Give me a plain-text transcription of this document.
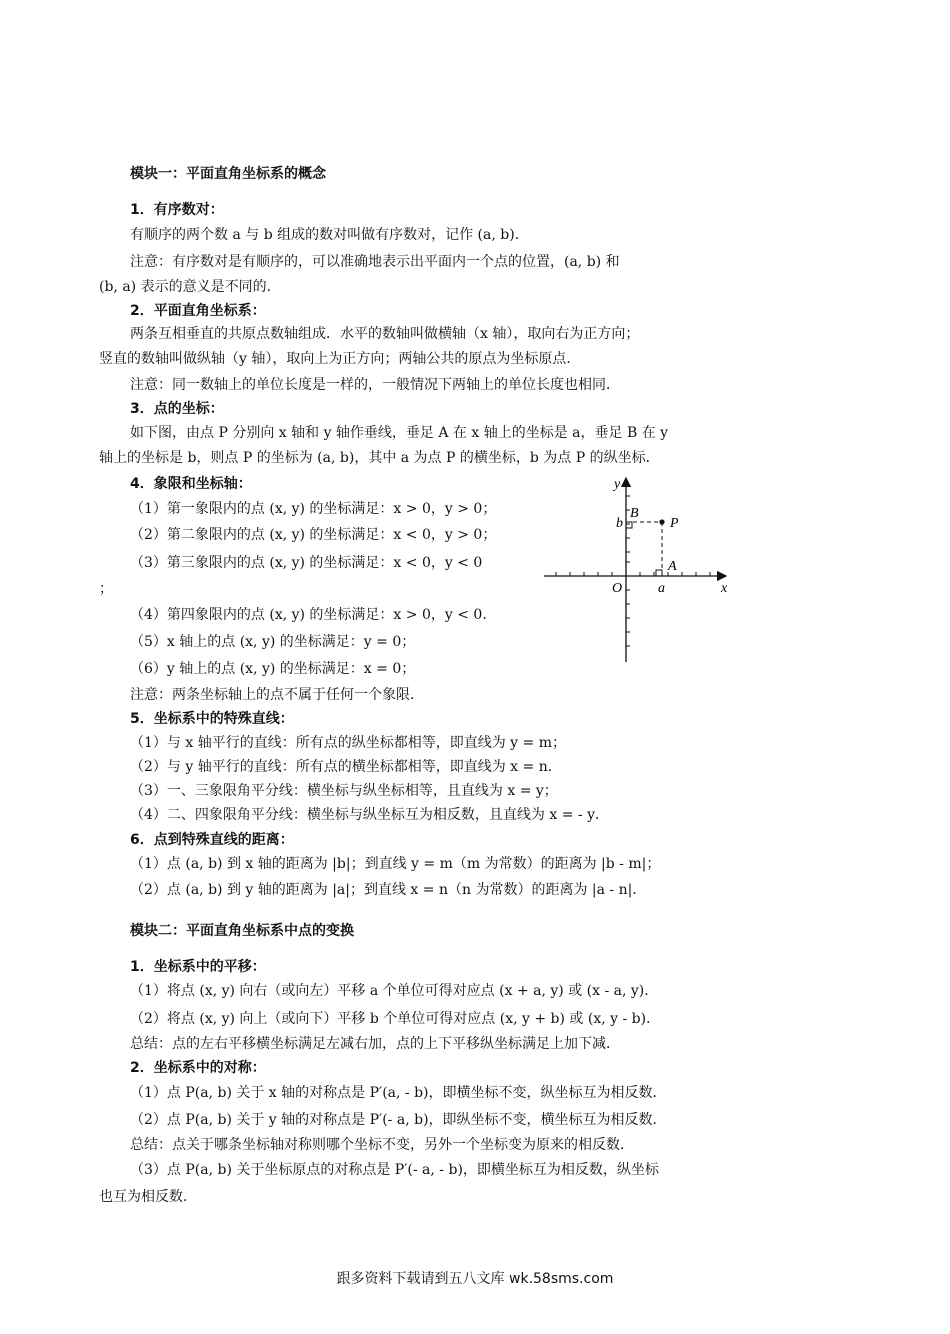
模块一：平面直角坐标系的概念
1．有序数对：
有顺序的两个数 a 与 b 组成的数对叫做有序数对，记作 (a, b)．
注意：有序数对是有顺序的，可以准确地表示出平面内一个点的位置，(a, b) 和
(b, a) 表示的意义是不同的．
2．平面直角坐标系：
两条互相垂直的共原点数轴组成．水平的数轴叫做横轴（x 轴），取向右为正方向；
竖直的数轴叫做纵轴（y 轴），取向上为正方向；两轴公共的原点为坐标原点．
注意：同一数轴上的单位长度是一样的，一般情况下两轴上的单位长度也相同．
3．点的坐标：
如下图，由点 P 分别向 x 轴和 y 轴作垂线，垂足 A 在 x 轴上的坐标是 a，垂足 B 在 y
轴上的坐标是 b，则点 P 的坐标为 (a, b)，其中 a 为点 P 的横坐标，b 为点 P 的纵坐标．
4．象限和坐标轴：
（1）第一象限内的点 (x, y) 的坐标满足：x > 0，y > 0；
（2）第二象限内的点 (x, y) 的坐标满足：x < 0，y > 0；
（3）第三象限内的点 (x, y) 的坐标满足：x < 0，y < 0
；
（4）第四象限内的点 (x, y) 的坐标满足：x > 0，y < 0．
（5）x 轴上的点 (x, y) 的坐标满足：y = 0；
（6）y 轴上的点 (x, y) 的坐标满足：x = 0；
注意：两条坐标轴上的点不属于任何一个象限．
y
x
O	a
b
A
B
P
5．坐标系中的特殊直线：
（1）与 x 轴平行的直线：所有点的纵坐标都相等，即直线为 y = m；
（2）与 y 轴平行的直线：所有点的横坐标都相等，即直线为 x = n．
（3）一、三象限角平分线：横坐标与纵坐标相等，且直线为 x = y；
（4）二、四象限角平分线：横坐标与纵坐标互为相反数，且直线为 x = - y．
6．点到特殊直线的距离：
（1）点 (a, b) 到 x 轴的距离为 |b|；到直线 y = m（m 为常数）的距离为 |b - m|；
（2）点 (a, b) 到 y 轴的距离为 |a|；到直线 x = n（n 为常数）的距离为 |a - n|．
模块二：平面直角坐标系中点的变换
1．坐标系中的平移：
（1）将点 (x, y) 向右（或向左）平移 a 个单位可得对应点 (x + a, y) 或 (x - a, y)．
（2）将点 (x, y) 向上（或向下）平移 b 个单位可得对应点 (x, y + b) 或 (x, y - b)．
总结：点的左右平移横坐标满足左减右加，点的上下平移纵坐标满足上加下减．
2．坐标系中的对称：
（1）点 P(a, b) 关于 x 轴的对称点是 P′(a, - b)，即横坐标不变，纵坐标互为相反数．
（2）点 P(a, b) 关于 y 轴的对称点是 P′(- a, b)，即纵坐标不变，横坐标互为相反数．
总结：点关于哪条坐标轴对称则哪个坐标不变，另外一个坐标变为原来的相反数．
（3）点 P(a, b) 关于坐标原点的对称点是 P′(- a, - b)，即横坐标互为相反数，纵坐标
也互为相反数．
跟多资料下载请到五八文库 wk.58sms.com
